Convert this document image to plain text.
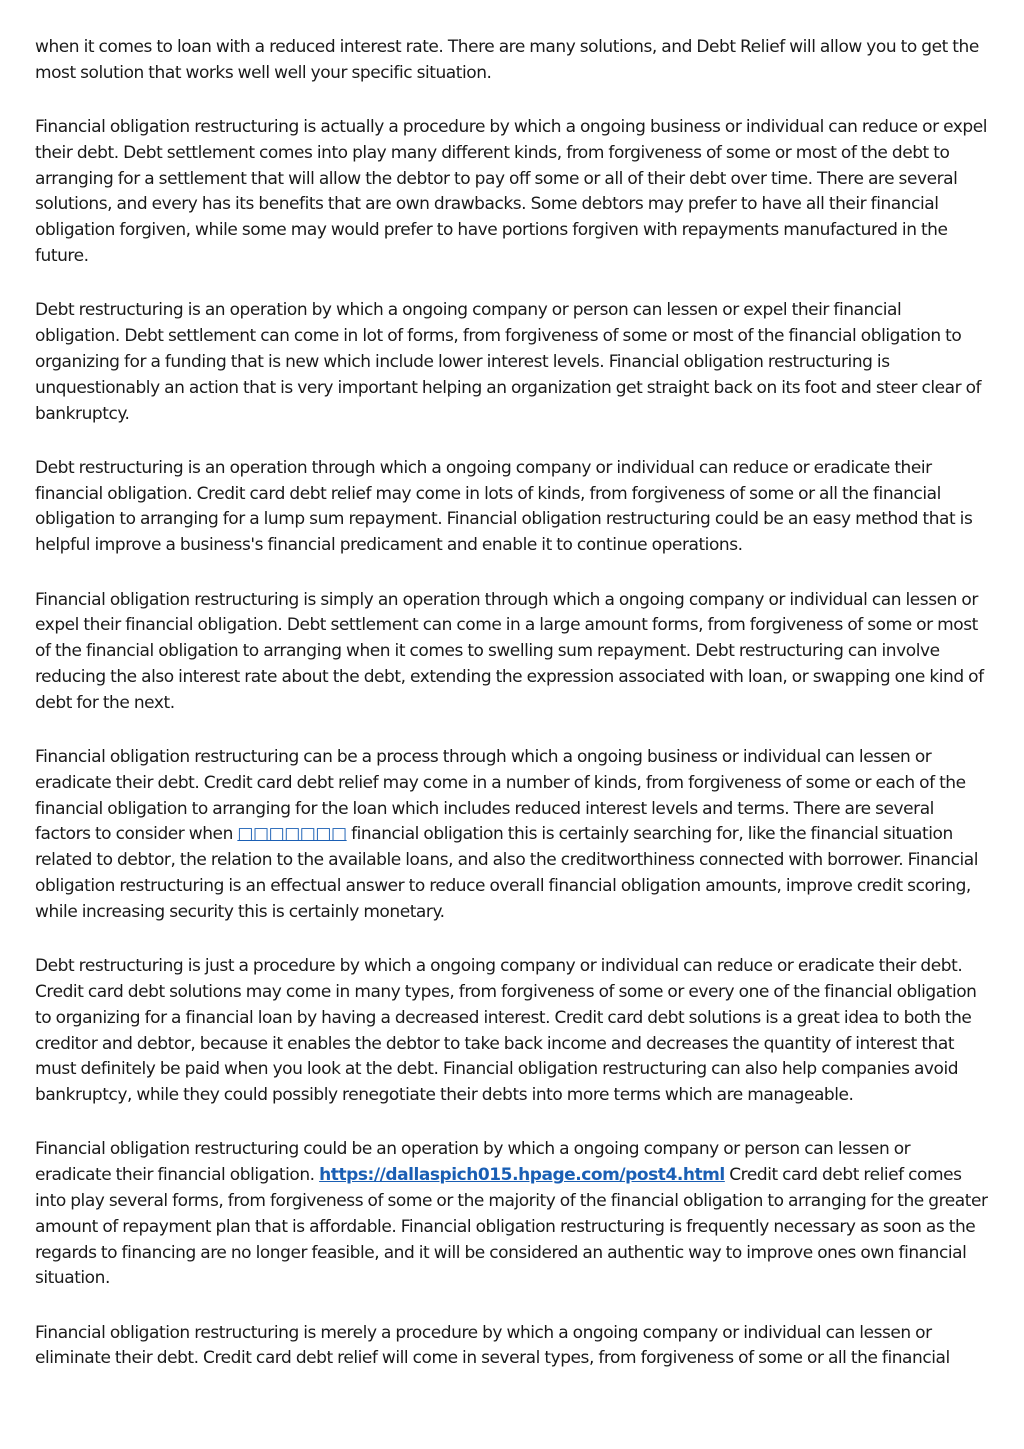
when it comes to loan with a reduced interest rate. There are many solutions, and Debt Relief will allow you to get the most solution that works well well your specific situation.

Financial obligation restructuring is actually a procedure by which a ongoing business or individual can reduce or expel their debt. Debt settlement comes into play many different kinds, from forgiveness of some or most of the debt to arranging for a settlement that will allow the debtor to pay off some or all of their debt over time. There are several solutions, and every has its benefits that are own drawbacks. Some debtors may prefer to have all their financial obligation forgiven, while some may would prefer to have portions forgiven with repayments manufactured in the future.

Debt restructuring is an operation by which a ongoing company or person can lessen or expel their financial obligation. Debt settlement can come in lot of forms, from forgiveness of some or most of the financial obligation to organizing for a funding that is new which include lower interest levels. Financial obligation restructuring is unquestionably an action that is very important helping an organization get straight back on its foot and steer clear of bankruptcy.

Debt restructuring is an operation through which a ongoing company or individual can reduce or eradicate their financial obligation. Credit card debt relief may come in lots of kinds, from forgiveness of some or all the financial obligation to arranging for a lump sum repayment. Financial obligation restructuring could be an easy method that is helpful improve a business's financial predicament and enable it to continue operations.

Financial obligation restructuring is simply an operation through which a ongoing company or individual can lessen or expel their financial obligation. Debt settlement can come in a large amount forms, from forgiveness of some or most of the financial obligation to arranging when it comes to swelling sum repayment. Debt restructuring can involve reducing the also interest rate about the debt, extending the expression associated with loan, or swapping one kind of debt for the next.

Financial obligation restructuring can be a process through which a ongoing business or individual can lessen or eradicate their debt. Credit card debt relief may come in a number of kinds, from forgiveness of some or each of the financial obligation to arranging for the loan which includes reduced interest levels and terms. There are several factors to consider when □□□□□□□ financial obligation this is certainly searching for, like the financial situation related to debtor, the relation to the available loans, and also the creditworthiness connected with borrower. Financial obligation restructuring is an effectual answer to reduce overall financial obligation amounts, improve credit scoring, while increasing security this is certainly monetary.

Debt restructuring is just a procedure by which a ongoing company or individual can reduce or eradicate their debt. Credit card debt solutions may come in many types, from forgiveness of some or every one of the financial obligation to organizing for a financial loan by having a decreased interest. Credit card debt solutions is a great idea to both the creditor and debtor, because it enables the debtor to take back income and decreases the quantity of interest that must definitely be paid when you look at the debt. Financial obligation restructuring can also help companies avoid bankruptcy, while they could possibly renegotiate their debts into more terms which are manageable.

Financial obligation restructuring could be an operation by which a ongoing company or person can lessen or eradicate their financial obligation. https://dallaspich015.hpage.com/post4.html Credit card debt relief comes into play several forms, from forgiveness of some or the majority of the financial obligation to arranging for the greater amount of repayment plan that is affordable. Financial obligation restructuring is frequently necessary as soon as the regards to financing are no longer feasible, and it will be considered an authentic way to improve ones own financial situation.

Financial obligation restructuring is merely a procedure by which a ongoing company or individual can lessen or eliminate their debt. Credit card debt relief will come in several types, from forgiveness of some or all the financial
